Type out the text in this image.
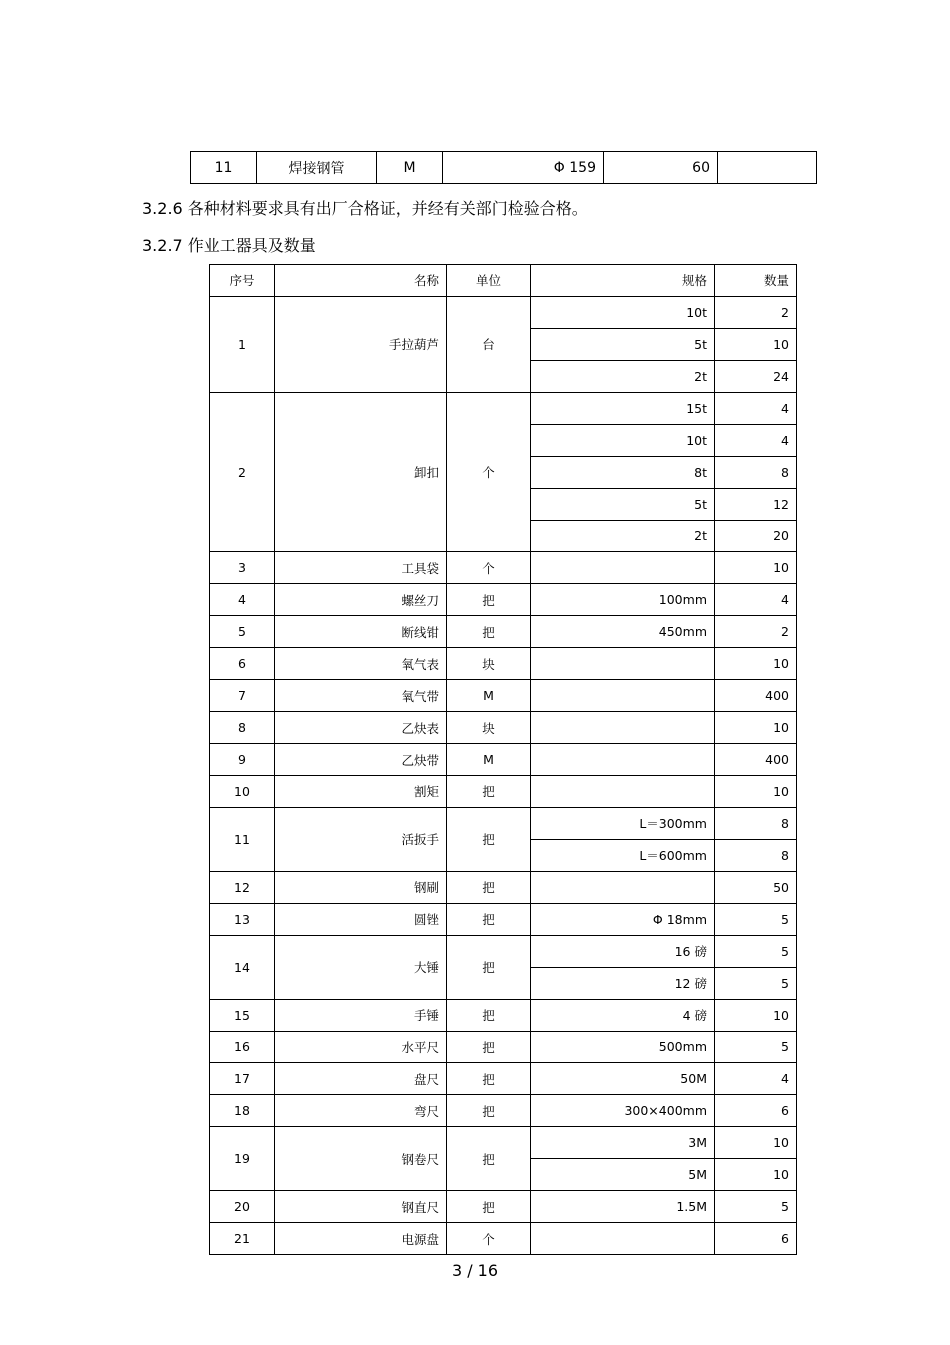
11	焊接钢管	M	Φ 159	60	
3.2.6 各种材料要求具有出厂合格证，并经有关部门检验合格。
3.2.7 作业工器具及数量
序号	名称	单位	规格	数量
1	手拉葫芦	台	10t	2
			5t	10
			2t	24
2	卸扣	个	15t	4
			10t	4
			8t	8
			5t	12
			2t	20
3	工具袋	个		10
4	螺丝刀	把	100mm	4
5	断线钳	把	450mm	2
6	氧气表	块		10
7	氧气带	M		400
8	乙炔表	块		10
9	乙炔带	M		400
10	割矩	把		10
11	活扳手	把	L＝300mm	8
			L＝600mm	8
12	钢刷	把		50
13	圆锉	把	Φ 18mm	5
14	大锤	把	16 磅	5
			12 磅	5
15	手锤	把	4 磅	10
16	水平尺	把	500mm	5
17	盘尺	把	50M	4
18	弯尺	把	300×400mm	6
19	钢卷尺	把	3M	10
			5M	10
20	钢直尺	把	1.5M	5
21	电源盘	个		6
3 / 16
